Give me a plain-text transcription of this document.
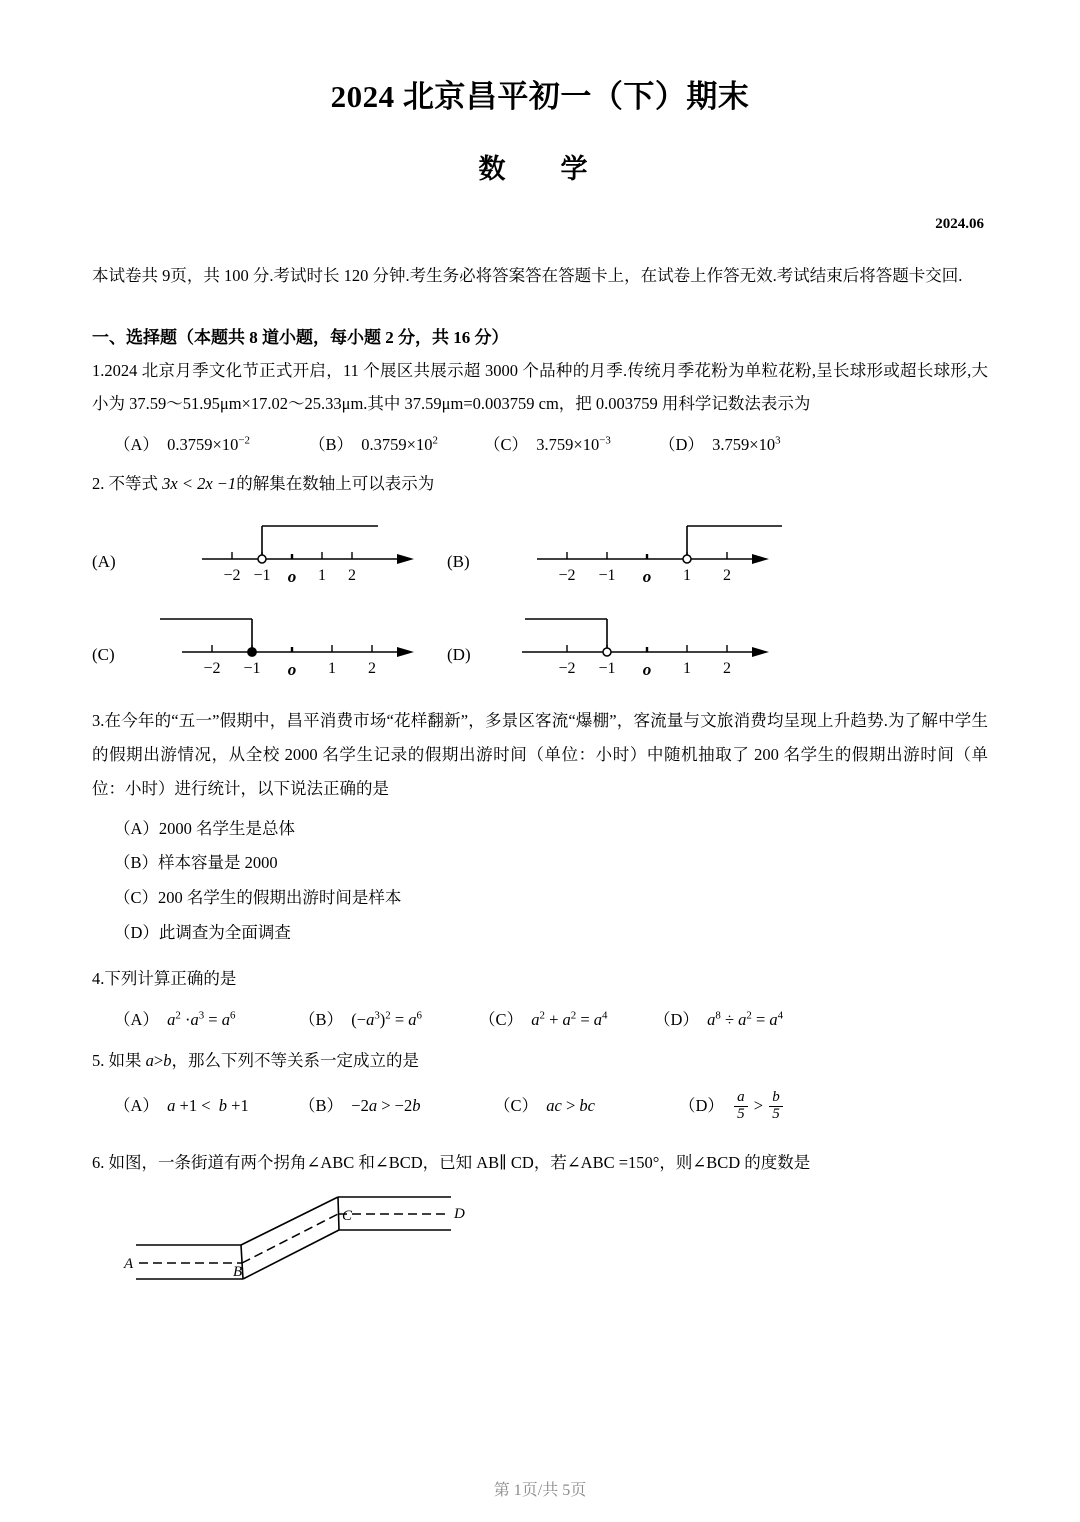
2024 北京昌平初一（下）期末
数　学
2024.06
本试卷共 9页，共 100 分.考试时长 120 分钟.考生务必将答案答在答题卡上，在试卷上作答无效.考试结束后将答题卡交回.
一、选择题（本题共 8 道小题，每小题 2 分，共 16 分）
1.2024 北京月季文化节正式开启，11 个展区共展示超 3000 个品种的月季.传统月季花粉为单粒花粉,呈长球形或超长球形,大小为 37.59～51.95μm×17.02～25.33μm.其中 37.59μm=0.003759 cm，把 0.003759 用科学记数法表示为
（A） $0.3759\times 10^{-2}$	（B） $0.3759\times 10^2$	（C） $3.759\times 10^{-3}$	（D） $3.759\times 10^3$
2. 不等式 3x < 2x −1的解集在数轴上可以表示为
(A)
−2 −1 o 1 2
(B)
−2 −1 o 1 2
(C)
−2 −1 o 1 2
(D)
−2 −1 o 1 2
3.在今年的“五一”假期中，昌平消费市场“花样翻新”，多景区客流“爆棚”，客流量与文旅消费均呈现上升趋势.为了解中学生的假期出游情况，从全校 2000 名学生记录的假期出游时间（单位：小时）中随机抽取了 200 名学生的假期出游时间（单位：小时）进行统计，以下说法正确的是
（A）2000 名学生是总体
（B）样本容量是 2000
（C）200 名学生的假期出游时间是样本
（D）此调查为全面调查
4.下列计算正确的是
（A） $a^2 \cdot a^3 = a^6$	（B）  $(-a^3)^2 = a^6$	（C） $a^2 + a^2 = a^4$	（D） $a^8 \div a^2 = a^4$
5. 如果 a>b，那么下列不等关系一定成立的是
（A） a +1 <  b +1	（B）  −2a > −2b	（C） ac > bc	$(D) \frac{a}{5} > \frac{b}{5}$
6. 如图，一条街道有两个拐角∠ABC 和∠BCD，已知 AB∥ CD，若∠ABC =150°，则∠BCD 的度数是
A	B
C	D
第 1页/共 5页
